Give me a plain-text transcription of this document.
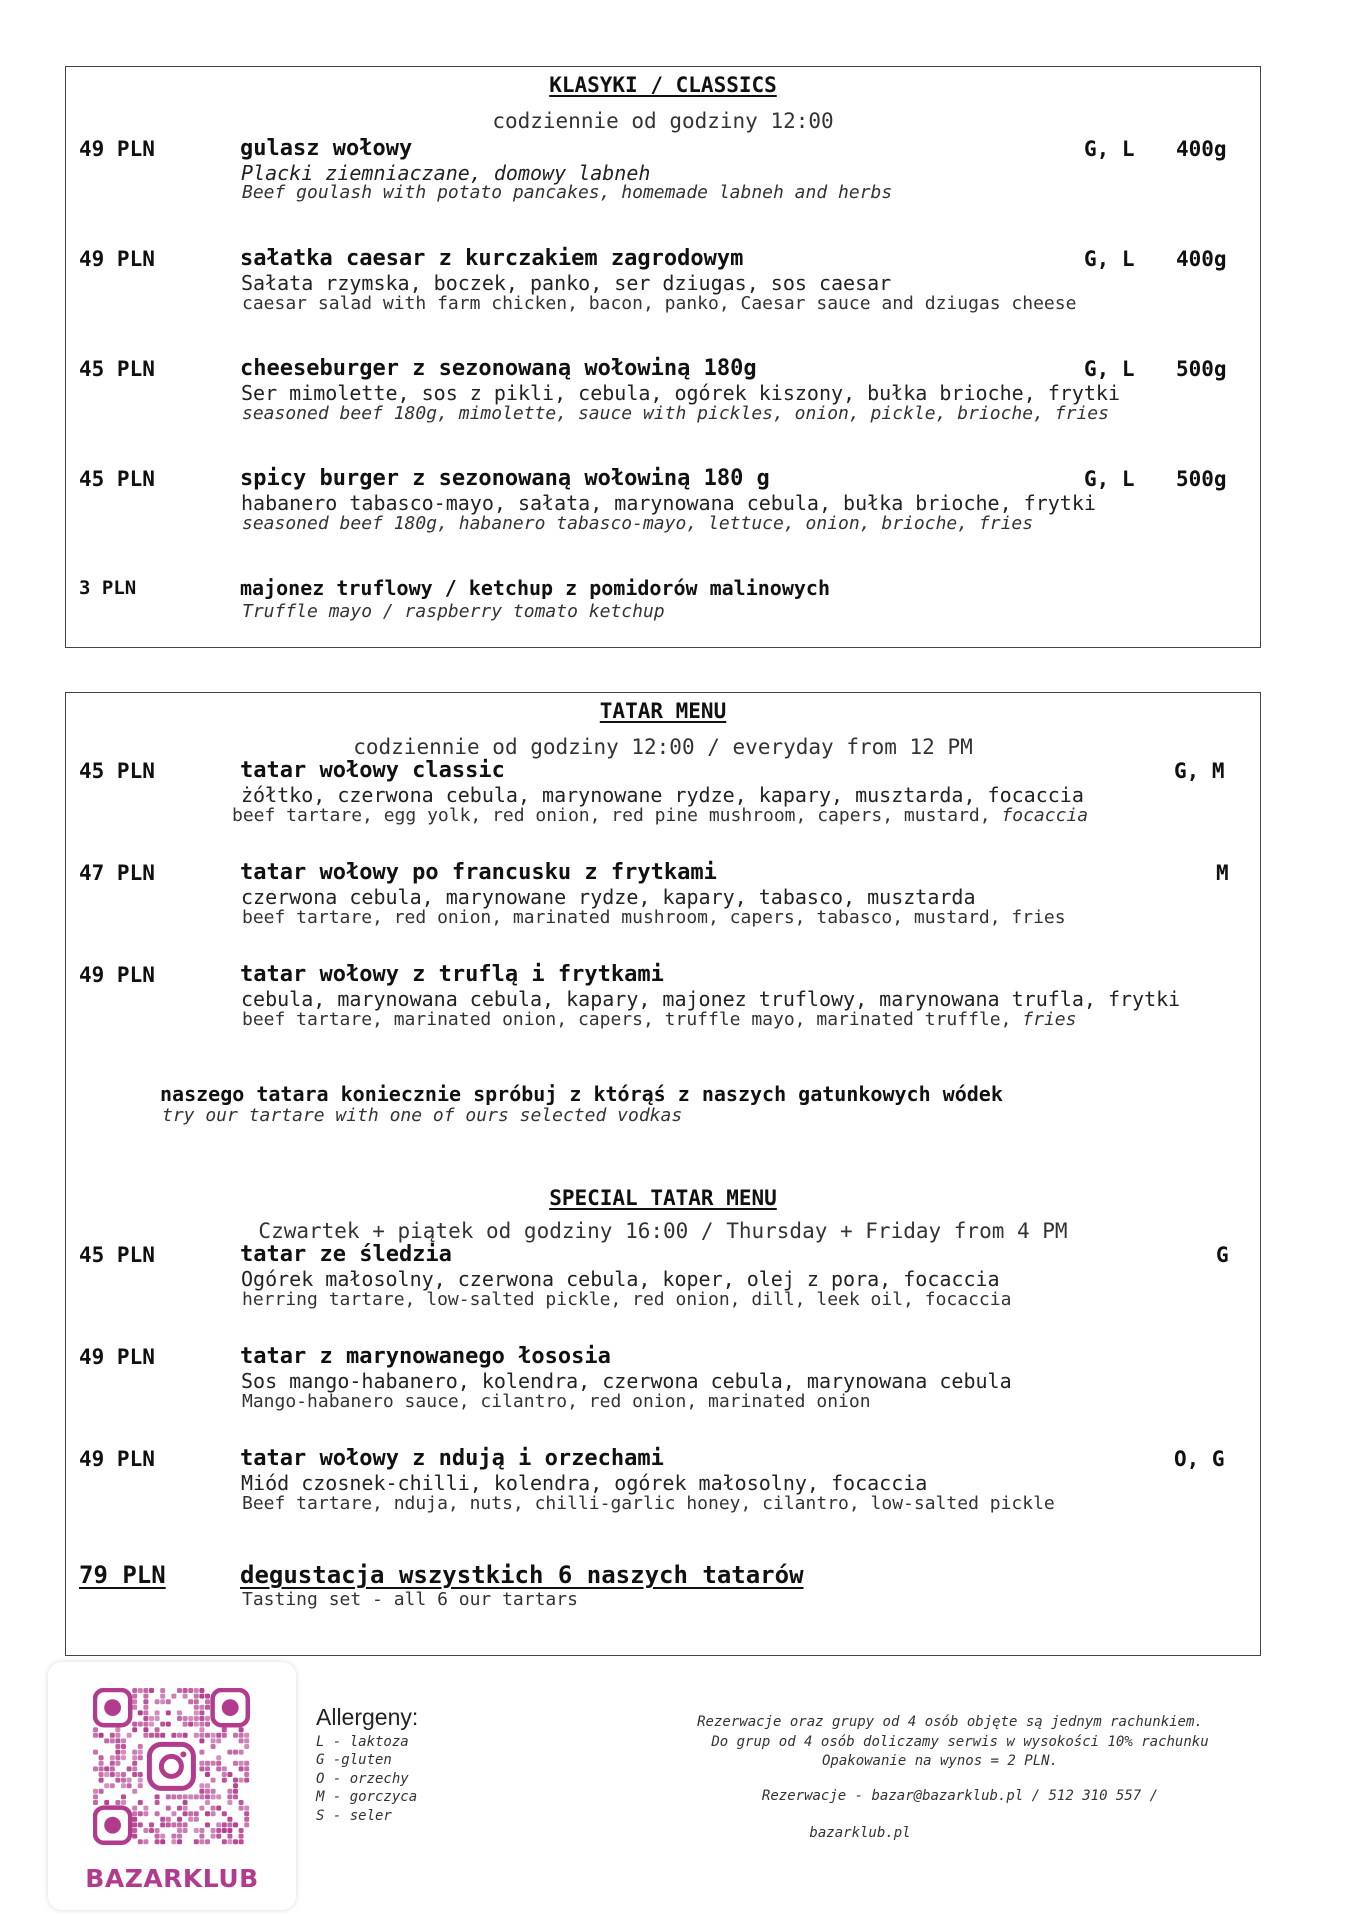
KLASYKI / CLASSICS
codziennie od godziny 12:00
49 PLN	gulasz wołowy	G, L 400g
Placki ziemniaczane, domowy labneh
Beef goulash with potato pancakes, homemade labneh and herbs
49 PLN	sałatka caesar z kurczakiem zagrodowym	G, L 400g
Sałata rzymska, boczek, panko, ser dziugas, sos caesar
caesar salad with farm chicken, bacon, panko, Caesar sauce and dziugas cheese
45 PLN	cheeseburger z sezonowaną wołowiną 180g	G, L 500g
Ser mimolette, sos z pikli, cebula, ogórek kiszony, bułka brioche, frytki
seasoned beef 180g, mimolette, sauce with pickles, onion, pickle, brioche, fries
45 PLN	spicy burger z sezonowaną wołowiną 180 g	G, L 500g
habanero tabasco-mayo, sałata, marynowana cebula, bułka brioche, frytki
seasoned beef 180g, habanero tabasco-mayo, lettuce, onion, brioche, fries
3 PLN	majonez truflowy / ketchup z pomidorów malinowych
Truffle mayo / raspberry tomato ketchup
TATAR MENU
codziennie od godziny 12:00 / everyday from 12 PM
45 PLN	tatar wołowy classic	G, M
żółtko, czerwona cebula, marynowane rydze, kapary, musztarda, focaccia
beef tartare, egg yolk, red onion, red pine mushroom, capers, mustard, focaccia
47 PLN	tatar wołowy po francusku z frytkami	M
czerwona cebula, marynowane rydze, kapary, tabasco, musztarda
beef tartare, red onion, marinated mushroom, capers, tabasco, mustard, fries
49 PLN	tatar wołowy z truflą i frytkami
cebula, marynowana cebula, kapary, majonez truflowy, marynowana trufla, frytki
beef tartare, marinated onion, capers, truffle mayo, marinated truffle, fries
naszego tatara koniecznie spróbuj z którąś z naszych gatunkowych wódek
try our tartare with one of ours selected vodkas
SPECIAL TATAR MENU
Czwartek + piątek od godziny 16:00 / Thursday + Friday from 4 PM
45 PLN	tatar ze śledzia	G
Ogórek małosolny, czerwona cebula, koper, olej z pora, focaccia
herring tartare, low-salted pickle, red onion, dill, leek oil, focaccia
49 PLN	tatar z marynowanego łososia
Sos mango-habanero, kolendra, czerwona cebula, marynowana cebula
Mango-habanero sauce, cilantro, red onion, marinated onion
49 PLN	tatar wołowy z ndują i orzechami	O, G
Miód czosnek-chilli, kolendra, ogórek małosolny, focaccia
Beef tartare, nduja, nuts, chilli-garlic honey, cilantro, low-salted pickle
79 PLN	degustacja wszystkich 6 naszych tatarów
Tasting set - all 6 our tartars
BAZARKLUB
Allergeny:
L - laktoza
G -gluten
O - orzechy
M - gorczyca
S - seler
Rezerwacje oraz grupy od 4 osób objęte są jednym rachunkiem.
Do grup od 4 osób doliczamy serwis w wysokości 10% rachunku
Opakowanie na wynos = 2 PLN.
Rezerwacje - bazar@bazarklub.pl / 512 310 557 /
bazarklub.pl
